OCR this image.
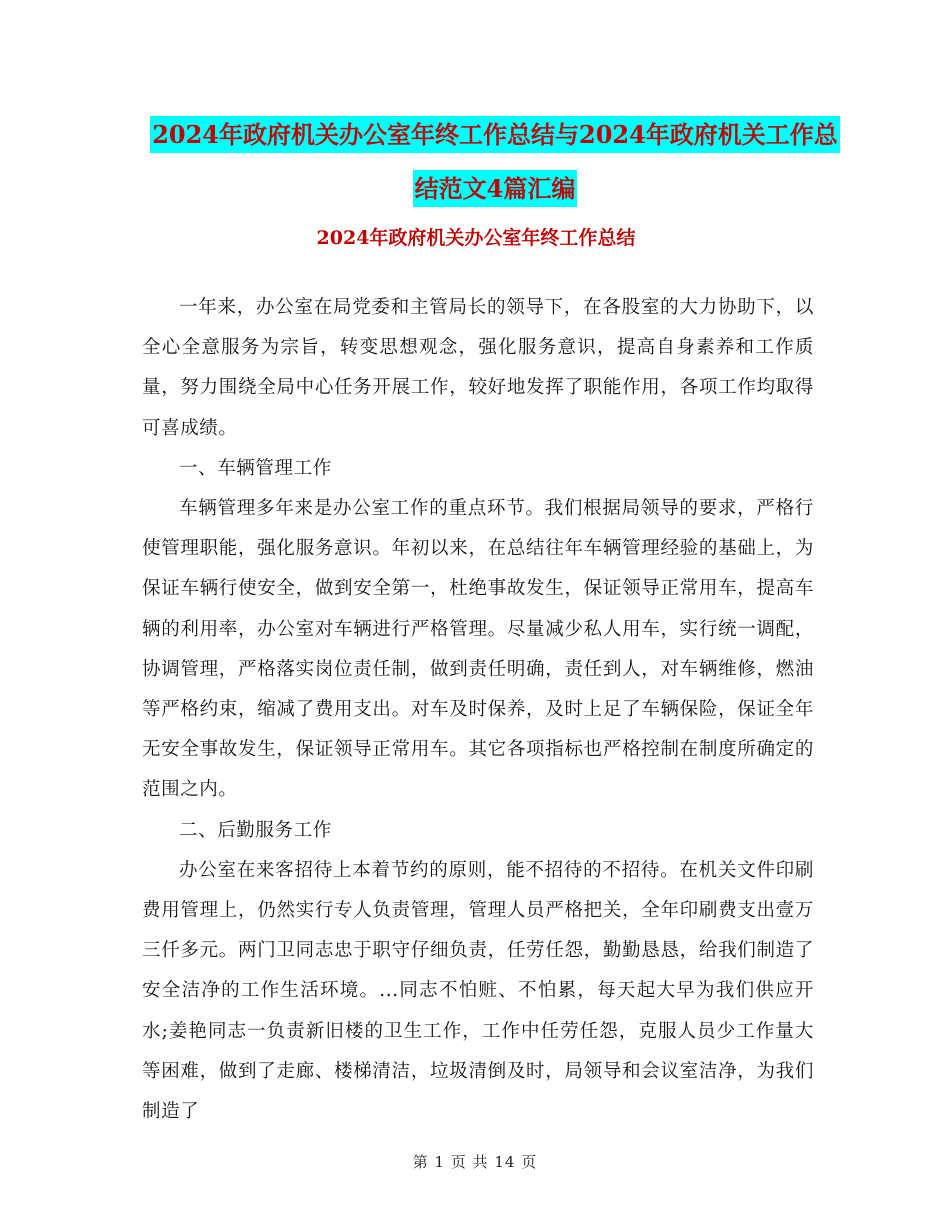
2024年政府机关办公室年终工作总结与2024年政府机关工作总结范文4篇汇编
2024年政府机关办公室年终工作总结

一年来，办公室在局党委和主管局长的领导下，在各股室的大力协助下，以全心全意服务为宗旨，转变思想观念，强化服务意识，提高自身素养和工作质量，努力围绕全局中心任务开展工作，较好地发挥了职能作用，各项工作均取得可喜成绩。

一、车辆管理工作

车辆管理多年来是办公室工作的重点环节。我们根据局领导的要求，严格行使管理职能，强化服务意识。年初以来，在总结往年车辆管理经验的基础上，为保证车辆行使安全，做到安全第一，杜绝事故发生，保证领导正常用车，提高车辆的利用率，办公室对车辆进行严格管理。尽量减少私人用车，实行统一调配，协调管理，严格落实岗位责任制，做到责任明确，责任到人，对车辆维修，燃油等严格约束，缩减了费用支出。对车及时保养，及时上足了车辆保险，保证全年无安全事故发生，保证领导正常用车。其它各项指标也严格控制在制度所确定的范围之内。

二、后勤服务工作

办公室在来客招待上本着节约的原则，能不招待的不招待。在机关文件印刷费用管理上，仍然实行专人负责管理，管理人员严格把关，全年印刷费支出壹万三仟多元。两门卫同志忠于职守仔细负责，任劳任怨，勤勤恳恳，给我们制造了安全洁净的工作生活环境。...同志不怕赃、不怕累，每天起大早为我们供应开水;姜艳同志一负责新旧楼的卫生工作，工作中任劳任怨，克服人员少工作量大等困难，做到了走廊、楼梯清洁，垃圾清倒及时，局领导和会议室洁净，为我们制造了

第 1 页 共 14 页
